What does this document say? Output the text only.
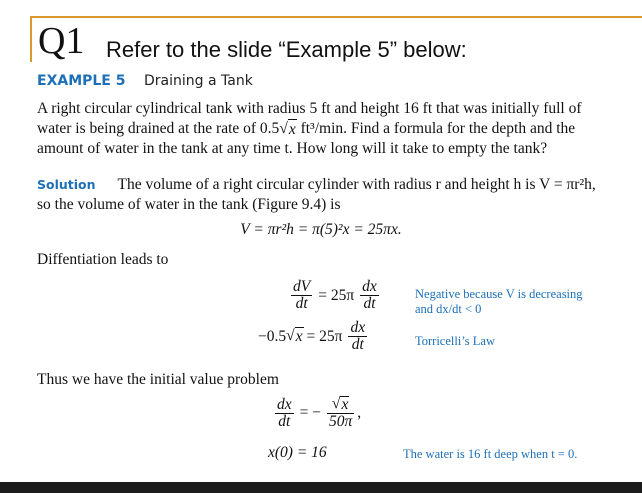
Q1 Refer to the slide “Example 5” below:
EXAMPLE 5 Draining a Tank
A right circular cylindrical tank with radius 5 ft and height 16 ft that was initially full of
water is being drained at the rate of 0.5 √ x ft³/min. Find a formula for the depth and the
amount of water in the tank at any time t. How long will it take to empty the tank?
Solution The volume of a right circular cylinder with radius r and height h is V = πr²h,
so the volume of water in the tank (Figure 9.4) is
V = πr²h = π(5)²x = 25πx.
Diffentiation leads to
$\frac{dV}{dt} = 25\pi \frac{dx}{dt}$	Negative because V is decreasing
and dx/dt < 0
−0.5 √ $x = 25\pi \frac{dx}{dt}$	Torricelli’s Law
Thus we have the initial value problem
$\frac{dx}{dt}$ = − $\frac{√ x}{50\pi}$ ,
x(0) = 16	The water is 16 ft deep when t = 0.
